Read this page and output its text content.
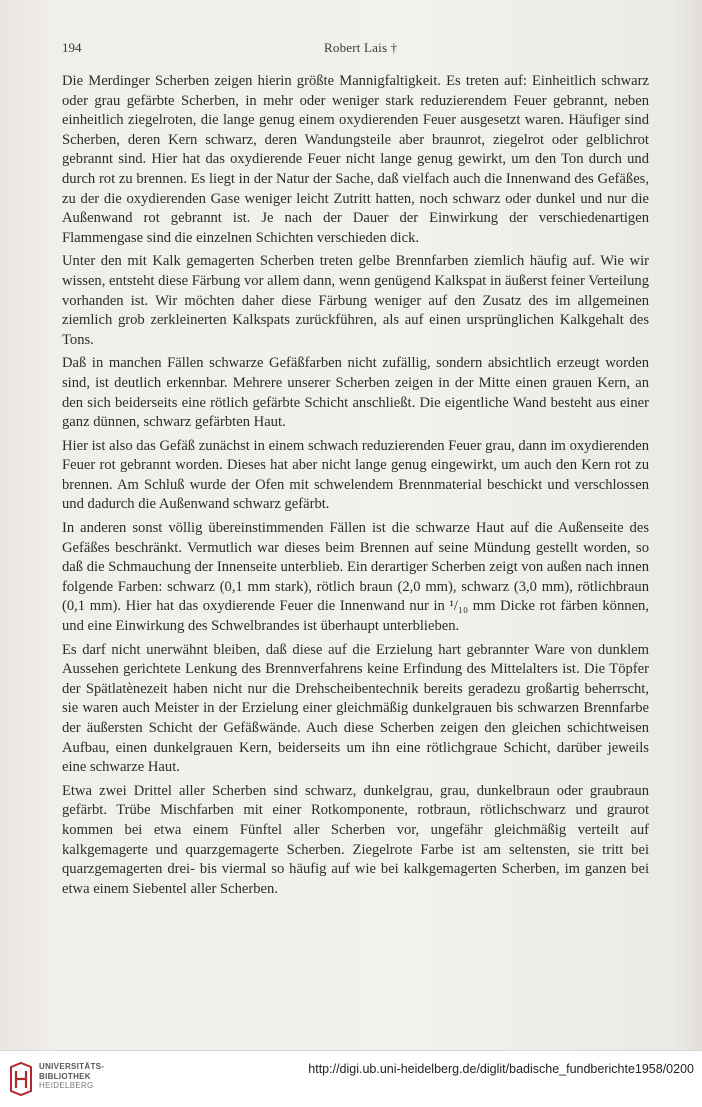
194	Robert Lais †

Die Merdinger Scherben zeigen hierin größte Mannigfaltigkeit. Es treten auf: Einheitlich schwarz oder grau gefärbte Scherben, in mehr oder weniger stark reduzierendem Feuer gebrannt, neben einheitlich ziegelroten, die lange genug einem oxydierenden Feuer ausgesetzt waren. Häufiger sind Scherben, deren Kern schwarz, deren Wandungsteile aber braunrot, ziegelrot oder gelblichrot gebrannt sind. Hier hat das oxydierende Feuer nicht lange genug gewirkt, um den Ton durch und durch rot zu brennen. Es liegt in der Natur der Sache, daß vielfach auch die Innenwand des Gefäßes, zu der die oxydierenden Gase weniger leicht Zutritt hatten, noch schwarz oder dunkel und nur die Außenwand rot gebrannt ist. Je nach der Dauer der Einwirkung der verschiedenartigen Flammengase sind die einzelnen Schichten verschieden dick.

Unter den mit Kalk gemagerten Scherben treten gelbe Brennfarben ziemlich häufig auf. Wie wir wissen, entsteht diese Färbung vor allem dann, wenn genügend Kalkspat in äußerst feiner Verteilung vorhanden ist. Wir möchten daher diese Färbung weniger auf den Zusatz des im allgemeinen ziemlich grob zerkleinerten Kalkspats zurückführen, als auf einen ursprünglichen Kalkgehalt des Tons.

Daß in manchen Fällen schwarze Gefäßfarben nicht zufällig, sondern absichtlich erzeugt worden sind, ist deutlich erkennbar. Mehrere unserer Scherben zeigen in der Mitte einen grauen Kern, an den sich beiderseits eine rötlich gefärbte Schicht anschließt. Die eigentliche Wand besteht aus einer ganz dünnen, schwarz gefärbten Haut.

Hier ist also das Gefäß zunächst in einem schwach reduzierenden Feuer grau, dann im oxydierenden Feuer rot gebrannt worden. Dieses hat aber nicht lange genug eingewirkt, um auch den Kern rot zu brennen. Am Schluß wurde der Ofen mit schwelendem Brennmaterial beschickt und verschlossen und dadurch die Außenwand schwarz gefärbt.

In anderen sonst völlig übereinstimmenden Fällen ist die schwarze Haut auf die Außenseite des Gefäßes beschränkt. Vermutlich war dieses beim Brennen auf seine Mündung gestellt worden, so daß die Schmauchung der Innenseite unterblieb. Ein derartiger Scherben zeigt von außen nach innen folgende Farben: schwarz (0,1 mm stark), rötlich braun (2,0 mm), schwarz (3,0 mm), rötlichbraun (0,1 mm). Hier hat das oxydierende Feuer die Innenwand nur in ¹/₁₀ mm Dicke rot färben können, und eine Einwirkung des Schwelbrandes ist überhaupt unterblieben.

Es darf nicht unerwähnt bleiben, daß diese auf die Erzielung hart gebrannter Ware von dunklem Aussehen gerichtete Lenkung des Brennverfahrens keine Erfindung des Mittelalters ist. Die Töpfer der Spätlatènezeit haben nicht nur die Drehscheibentechnik bereits geradezu großartig beherrscht, sie waren auch Meister in der Erzielung einer gleichmäßig dunkelgrauen bis schwarzen Brennfarbe der äußersten Schicht der Gefäßwände. Auch diese Scherben zeigen den gleichen schichtweisen Aufbau, einen dunkelgrauen Kern, beiderseits um ihn eine rötlichgraue Schicht, darüber jeweils eine schwarze Haut.

Etwa zwei Drittel aller Scherben sind schwarz, dunkelgrau, grau, dunkelbraun oder graubraun gefärbt. Trübe Mischfarben mit einer Rotkomponente, rotbraun, rötlichschwarz und graurot kommen bei etwa einem Fünftel aller Scherben vor, ungefähr gleichmäßig verteilt auf kalkgemagerte und quarzgemagerte Scherben. Ziegelrote Farbe ist am seltensten, sie tritt bei quarzgemagerten drei- bis viermal so häufig auf wie bei kalkgemagerten Scherben, im ganzen bei etwa einem Siebentel aller Scherben.

UNIVERSITÄTS-
BIBLIOTHEK
HEIDELBERG
http://digi.ub.uni-heidelberg.de/diglit/badische_fundberichte1958/0200
